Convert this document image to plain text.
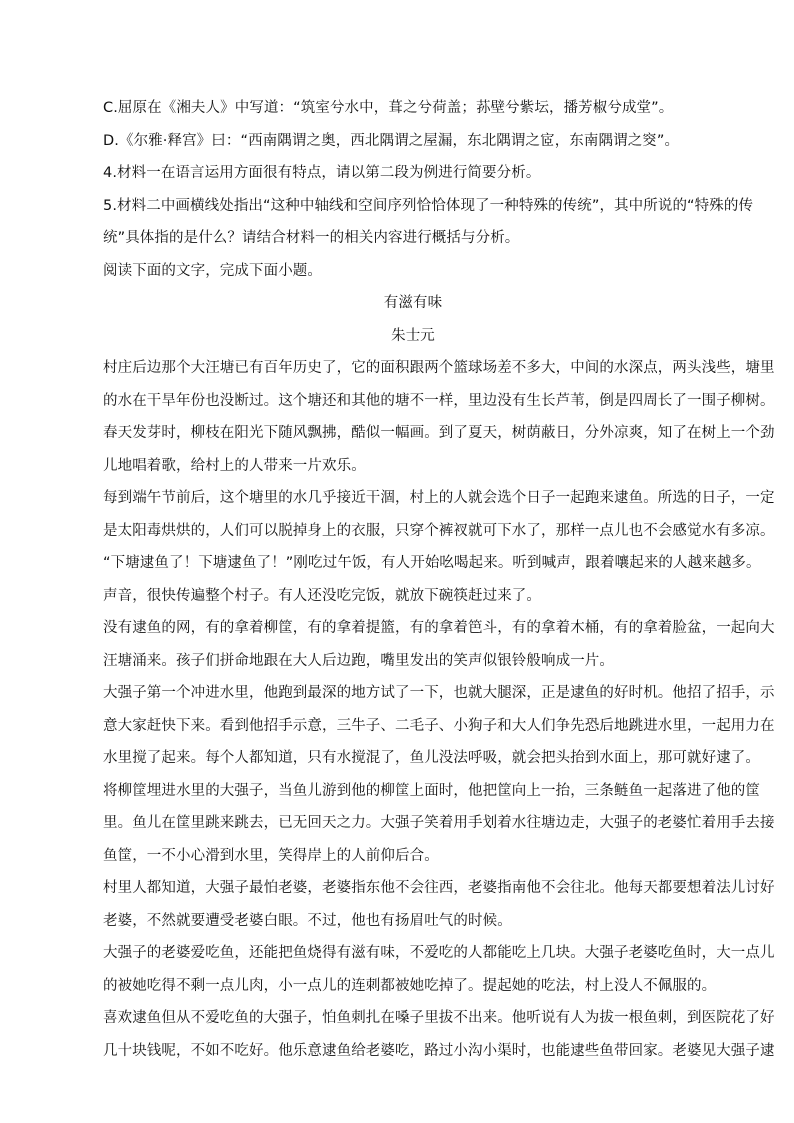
C.屈原在《湘夫人》中写道：“筑室兮水中，葺之兮荷盖；荪壁兮紫坛，播芳椒兮成堂”。
D.《尔雅·释宫》曰：“西南隅谓之奥，西北隅谓之屋漏，东北隅谓之宧，东南隅谓之窔”。
4.材料一在语言运用方面很有特点，请以第二段为例进行简要分析。
5.材料二中画横线处指出“这种中轴线和空间序列恰恰体现了一种特殊的传统”，其中所说的“特殊的传
统”具体指的是什么？请结合材料一的相关内容进行概括与分析。
阅读下面的文字，完成下面小题。
有滋有味
朱士元
村庄后边那个大汪塘已有百年历史了，它的面积跟两个篮球场差不多大，中间的水深点，两头浅些，塘里
的水在干旱年份也没断过。这个塘还和其他的塘不一样，里边没有生长芦苇，倒是四周长了一围子柳树。
春天发芽时，柳枝在阳光下随风飘拂，酷似一幅画。到了夏天，树荫蔽日，分外凉爽，知了在树上一个劲
儿地唱着歌，给村上的人带来一片欢乐。
每到端午节前后，这个塘里的水几乎接近干涸，村上的人就会选个日子一起跑来逮鱼。所选的日子，一定
是太阳毒烘烘的，人们可以脱掉身上的衣服，只穿个裤衩就可下水了，那样一点儿也不会感觉水有多凉。
“下塘逮鱼了！下塘逮鱼了！”刚吃过午饭，有人开始吆喝起来。听到喊声，跟着嚷起来的人越来越多。
声音，很快传遍整个村子。有人还没吃完饭，就放下碗筷赶过来了。
没有逮鱼的网，有的拿着柳筐，有的拿着提篮，有的拿着笆斗，有的拿着木桶，有的拿着脸盆，一起向大
汪塘涌来。孩子们拼命地跟在大人后边跑，嘴里发出的笑声似银铃般响成一片。
大强子第一个冲进水里，他跑到最深的地方试了一下，也就大腿深，正是逮鱼的好时机。他招了招手，示
意大家赶快下来。看到他招手示意，三牛子、二毛子、小狗子和大人们争先恐后地跳进水里，一起用力在
水里搅了起来。每个人都知道，只有水搅混了，鱼儿没法呼吸，就会把头抬到水面上，那可就好逮了。
将柳筐埋进水里的大强子，当鱼儿游到他的柳筐上面时，他把筐向上一抬，三条鲢鱼一起落进了他的筐
里。鱼儿在筐里跳来跳去，已无回天之力。大强子笑着用手划着水往塘边走，大强子的老婆忙着用手去接
鱼筐，一不小心滑到水里，笑得岸上的人前仰后合。
村里人都知道，大强子最怕老婆，老婆指东他不会往西，老婆指南他不会往北。他每天都要想着法儿讨好
老婆，不然就要遭受老婆白眼。不过，他也有扬眉吐气的时候。
大强子的老婆爱吃鱼，还能把鱼烧得有滋有味，不爱吃的人都能吃上几块。大强子老婆吃鱼时，大一点儿
的被她吃得不剩一点儿肉，小一点儿的连刺都被她吃掉了。提起她的吃法，村上没人不佩服的。
喜欢逮鱼但从不爱吃鱼的大强子，怕鱼刺扎在嗓子里拔不出来。他听说有人为拔一根鱼刺，到医院花了好
几十块钱呢，不如不吃好。他乐意逮鱼给老婆吃，路过小沟小渠时，也能逮些鱼带回家。老婆见大强子逮
